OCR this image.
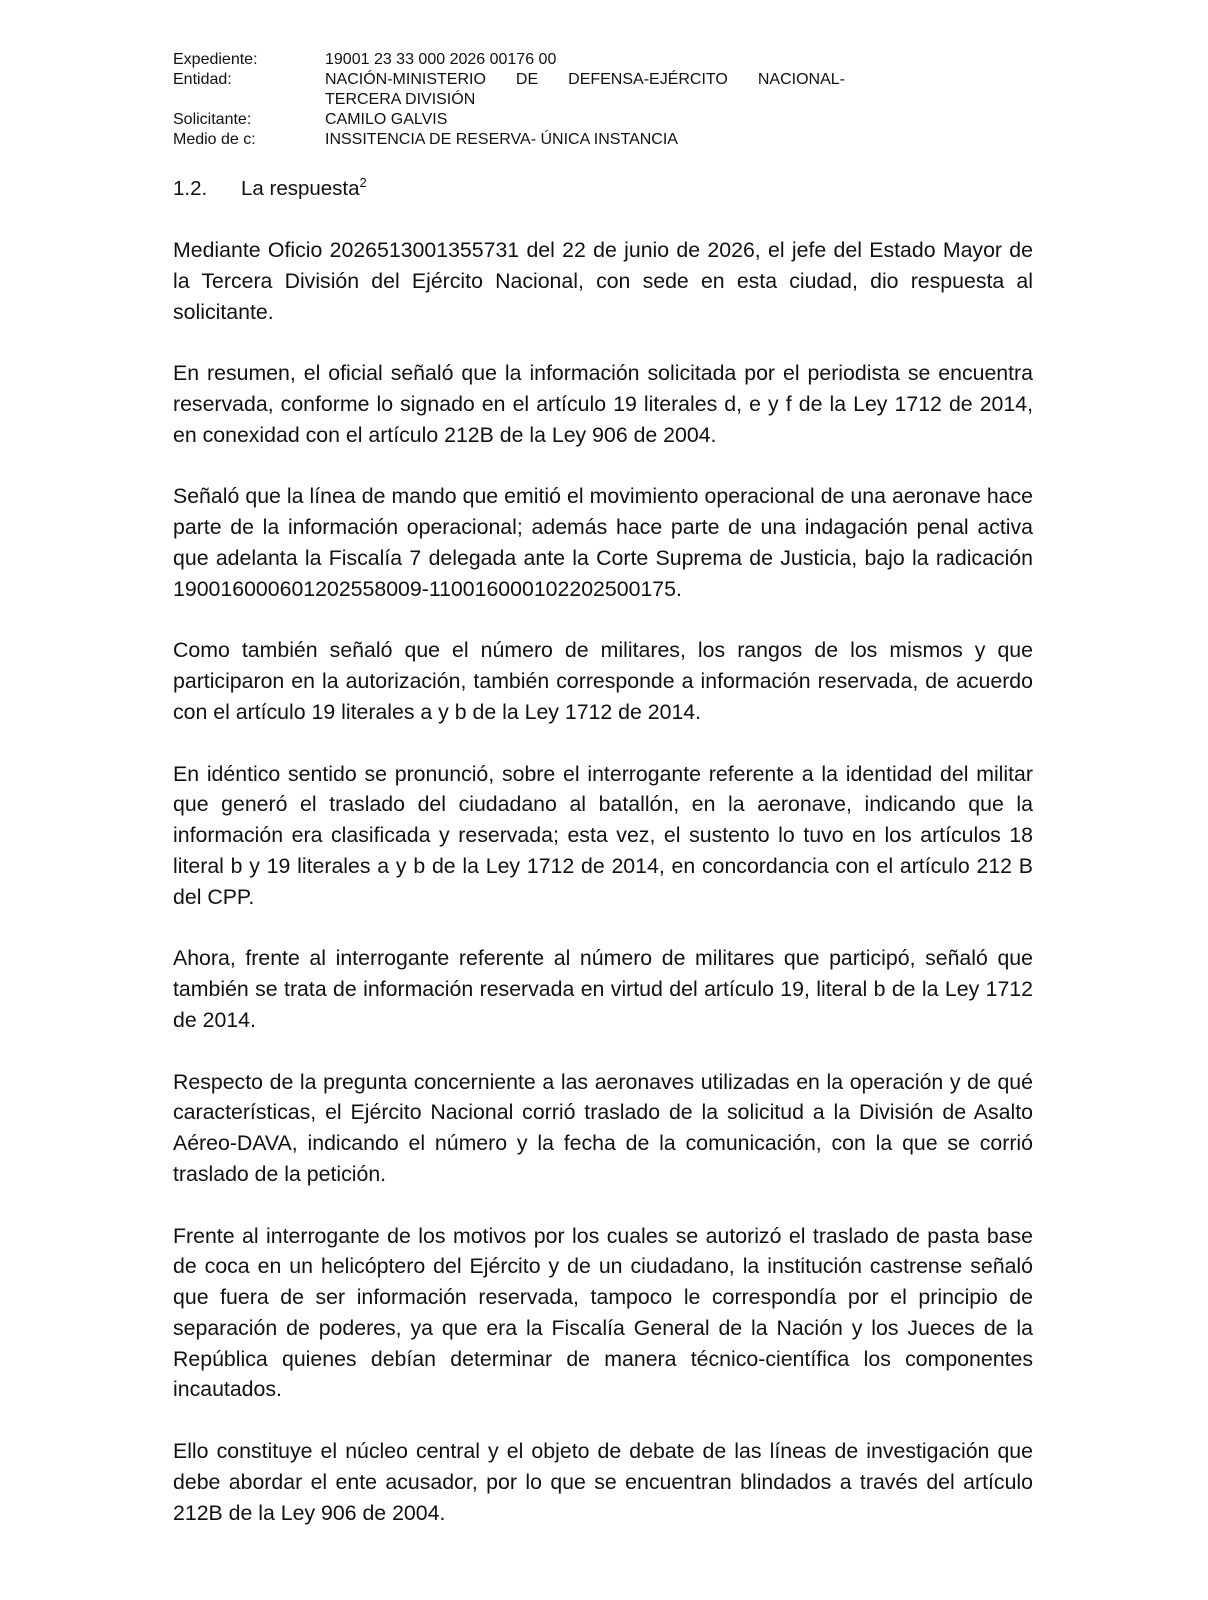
Expediente:	19001 23 33 000 2026 00176 00
Entidad:	NACIÓN-MINISTERIO DE DEFENSA-EJÉRCITO NACIONAL-
TERCERA DIVISIÓN
Solicitante:	CAMILO GALVIS
Medio de c:	INSSITENCIA DE RESERVA- ÚNICA INSTANCIA
1.2. La respuesta$^2$

Mediante Oficio 2026513001355731 del 22 de junio de 2026, el jefe del Estado Mayor de la Tercera División del Ejército Nacional, con sede en esta ciudad, dio respuesta al solicitante.

En resumen, el oficial señaló que la información solicitada por el periodista se encuentra reservada, conforme lo signado en el artículo 19 literales d, e y f de la Ley 1712 de 2014, en conexidad con el artículo 212B de la Ley 906 de 2004.

Señaló que la línea de mando que emitió el movimiento operacional de una aeronave hace parte de la información operacional; además hace parte de una indagación penal activa que adelanta la Fiscalía 7 delegada ante la Corte Suprema de Justicia, bajo la radicación 190016000601202558009-110016000102202500175.

Como también señaló que el número de militares, los rangos de los mismos y que participaron en la autorización, también corresponde a información reservada, de acuerdo con el artículo 19 literales a y b de la Ley 1712 de 2014.

En idéntico sentido se pronunció, sobre el interrogante referente a la identidad del militar que generó el traslado del ciudadano al batallón, en la aeronave, indicando que la información era clasificada y reservada; esta vez, el sustento lo tuvo en los artículos 18 literal b y 19 literales a y b de la Ley 1712 de 2014, en concordancia con el artículo 212 B del CPP.

Ahora, frente al interrogante referente al número de militares que participó, señaló que también se trata de información reservada en virtud del artículo 19, literal b de la Ley 1712 de 2014.

Respecto de la pregunta concerniente a las aeronaves utilizadas en la operación y de qué características, el Ejército Nacional corrió traslado de la solicitud a la División de Asalto Aéreo-DAVA, indicando el número y la fecha de la comunicación, con la que se corrió traslado de la petición.

Frente al interrogante de los motivos por los cuales se autorizó el traslado de pasta base de coca en un helicóptero del Ejército y de un ciudadano, la institución castrense señaló que fuera de ser información reservada, tampoco le correspondía por el principio de separación de poderes, ya que era la Fiscalía General de la Nación y los Jueces de la República quienes debían determinar de manera técnico-científica los componentes incautados.

Ello constituye el núcleo central y el objeto de debate de las líneas de investigación que debe abordar el ente acusador, por lo que se encuentran blindados a través del artículo 212B de la Ley 906 de 2004.
